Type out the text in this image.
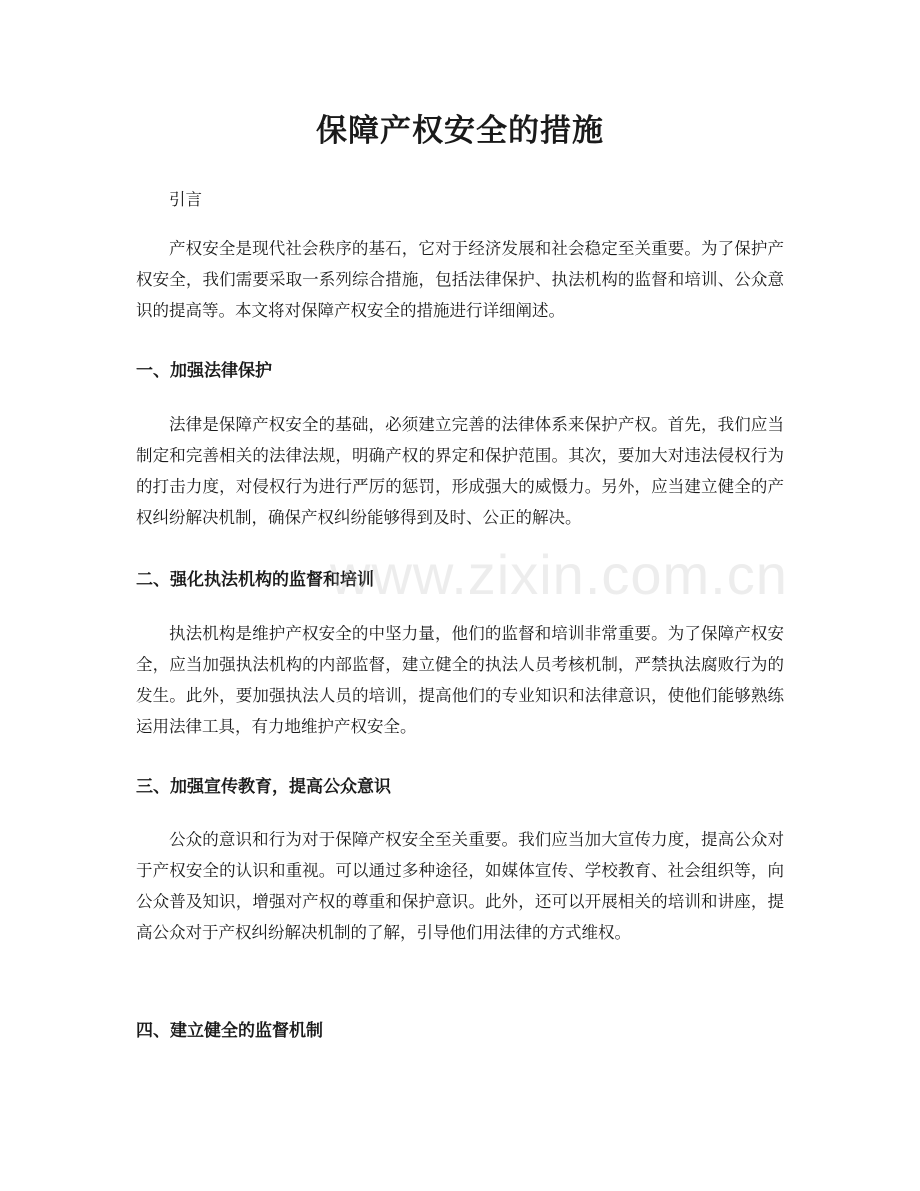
保障产权安全的措施

引言

产权安全是现代社会秩序的基石，它对于经济发展和社会稳定至关重要。为了保护产权安全，我们需要采取一系列综合措施，包括法律保护、执法机构的监督和培训、公众意识的提高等。本文将对保障产权安全的措施进行详细阐述。

一、加强法律保护

法律是保障产权安全的基础，必须建立完善的法律体系来保护产权。首先，我们应当制定和完善相关的法律法规，明确产权的界定和保护范围。其次，要加大对违法侵权行为的打击力度，对侵权行为进行严厉的惩罚，形成强大的威慑力。另外，应当建立健全的产权纠纷解决机制，确保产权纠纷能够得到及时、公正的解决。

二、强化执法机构的监督和培训

执法机构是维护产权安全的中坚力量，他们的监督和培训非常重要。为了保障产权安全，应当加强执法机构的内部监督，建立健全的执法人员考核机制，严禁执法腐败行为的发生。此外，要加强执法人员的培训，提高他们的专业知识和法律意识，使他们能够熟练运用法律工具，有力地维护产权安全。

三、加强宣传教育，提高公众意识

公众的意识和行为对于保障产权安全至关重要。我们应当加大宣传力度，提高公众对于产权安全的认识和重视。可以通过多种途径，如媒体宣传、学校教育、社会组织等，向公众普及知识，增强对产权的尊重和保护意识。此外，还可以开展相关的培训和讲座，提高公众对于产权纠纷解决机制的了解，引导他们用法律的方式维权。

四、建立健全的监督机制
www.zixin.com.cn
